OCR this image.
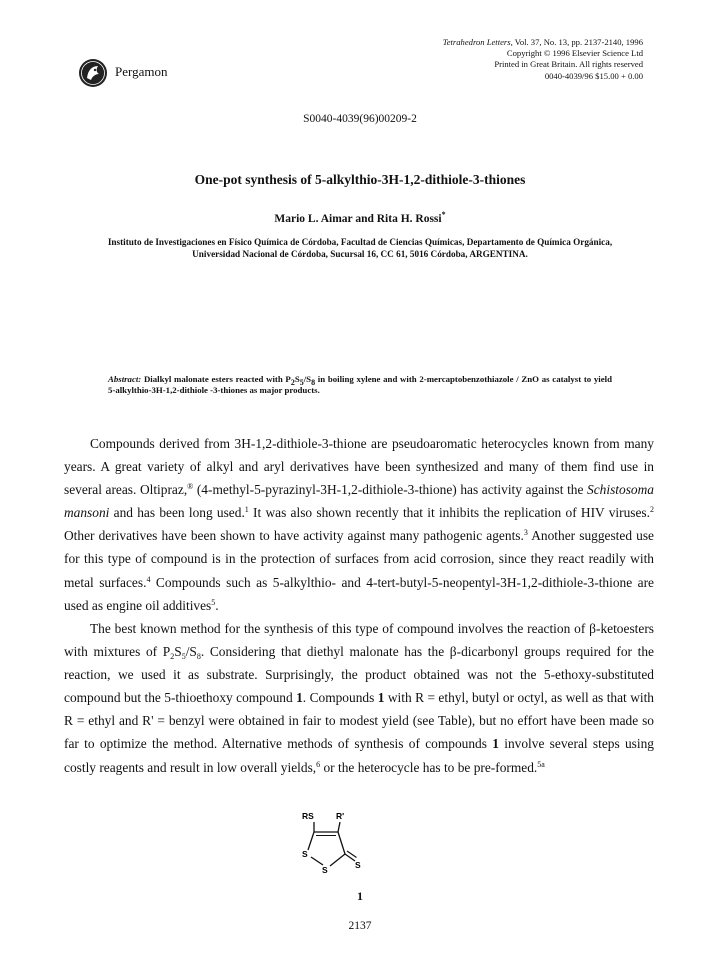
Pergamon
Tetrahedron Letters, Vol. 37, No. 13, pp. 2137-2140, 1996
Copyright © 1996 Elsevier Science Ltd
Printed in Great Britain. All rights reserved
0040-4039/96 $15.00 + 0.00
S0040-4039(96)00209-2
One-pot synthesis of 5-alkylthio-3H-1,2-dithiole-3-thiones
Mario L. Aimar and Rita H. Rossi*
Instituto de Investigaciones en Físico Química de Córdoba, Facultad de Ciencias Químicas, Departamento de Química Orgánica,
Universidad Nacional de Córdoba, Sucursal 16, CC 61, 5016 Córdoba, ARGENTINA.
Abstract: Dialkyl malonate esters reacted with $P_2S_5/S_8$ in boiling xylene and with 2-mercaptobenzothiazole / ZnO as catalyst to yield 5-alkylthio-3H-1,2-dithiole -3-thiones as major products.

Compounds derived from 3H-1,2-dithiole-3-thione are pseudoaromatic heterocycles known from many years. A great variety of alkyl and aryl derivatives have been synthesized and many of them find use in several areas. Oltipraz,® (4-methyl-5-pyrazinyl-3H-1,2-dithiole-3-thione) has activity against the Schistosoma mansoni and has been long used.$^1$ It was also shown recently that it inhibits the replication of HIV viruses.$^2$ Other derivatives have been shown to have activity against many pathogenic agents.$^3$ Another suggested use for this type of compound is in the protection of surfaces from acid corrosion, since they react readily with metal surfaces.$^4$ Compounds such as 5-alkylthio- and 4-tert-butyl-5-neopentyl-3H-1,2-dithiole-3-thione are used as engine oil additives$^5$.

The best known method for the synthesis of this type of compound involves the reaction of β-ketoesters with mixtures of $P_2S_5/S_8$. Considering that diethyl malonate has the β-dicarbonyl groups required for the reaction, we used it as substrate. Surprisingly, the product obtained was not the 5-ethoxy-substituted compound but the 5-thioethoxy compound 1. Compounds 1 with R = ethyl, butyl or octyl, as well as that with R = ethyl and R' = benzyl were obtained in fair to modest yield (see Table), but no effort have been made so far to optimize the method. Alternative methods of synthesis of compounds 1 involve several steps using costly reagents and result in low overall yields,$^6$ or the heterocycle has to be pre-formed.$^{5a}$

RS	R'
S
S	S
1
2137
